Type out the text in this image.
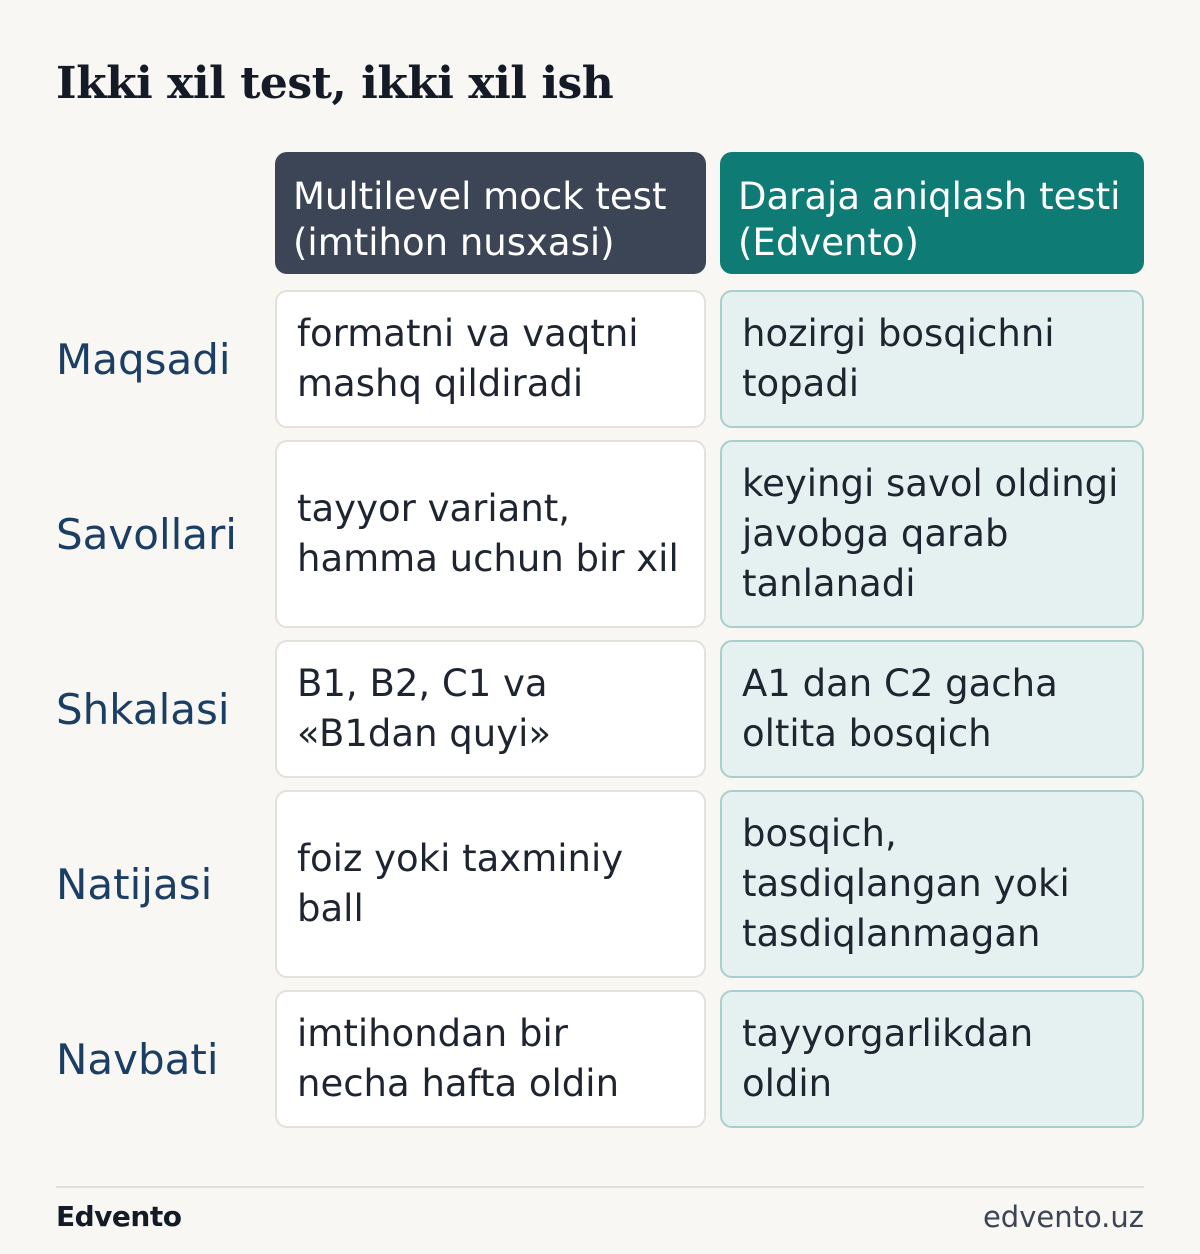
Ikki xil test, ikki xil ish
Multilevel mock test (imtihon nusxasi)
Daraja aniqlash testi (Edvento)
Maqsadi
formatni va vaqtni mashq qildiradi
hozirgi bosqichni topadi
Savollari
tayyor variant, hamma uchun bir xil
keyingi savol oldingi javobga qarab tanlanadi
Shkalasi
B1, B2, C1 va «B1dan quyi»
A1 dan C2 gacha oltita bosqich
Natijasi
foiz yoki taxminiy ball
bosqich, tasdiqlangan yoki tasdiqlanmagan
Navbati
imtihondan bir necha hafta oldin
tayyorgarlikdan oldin
Edvento	edvento.uz
